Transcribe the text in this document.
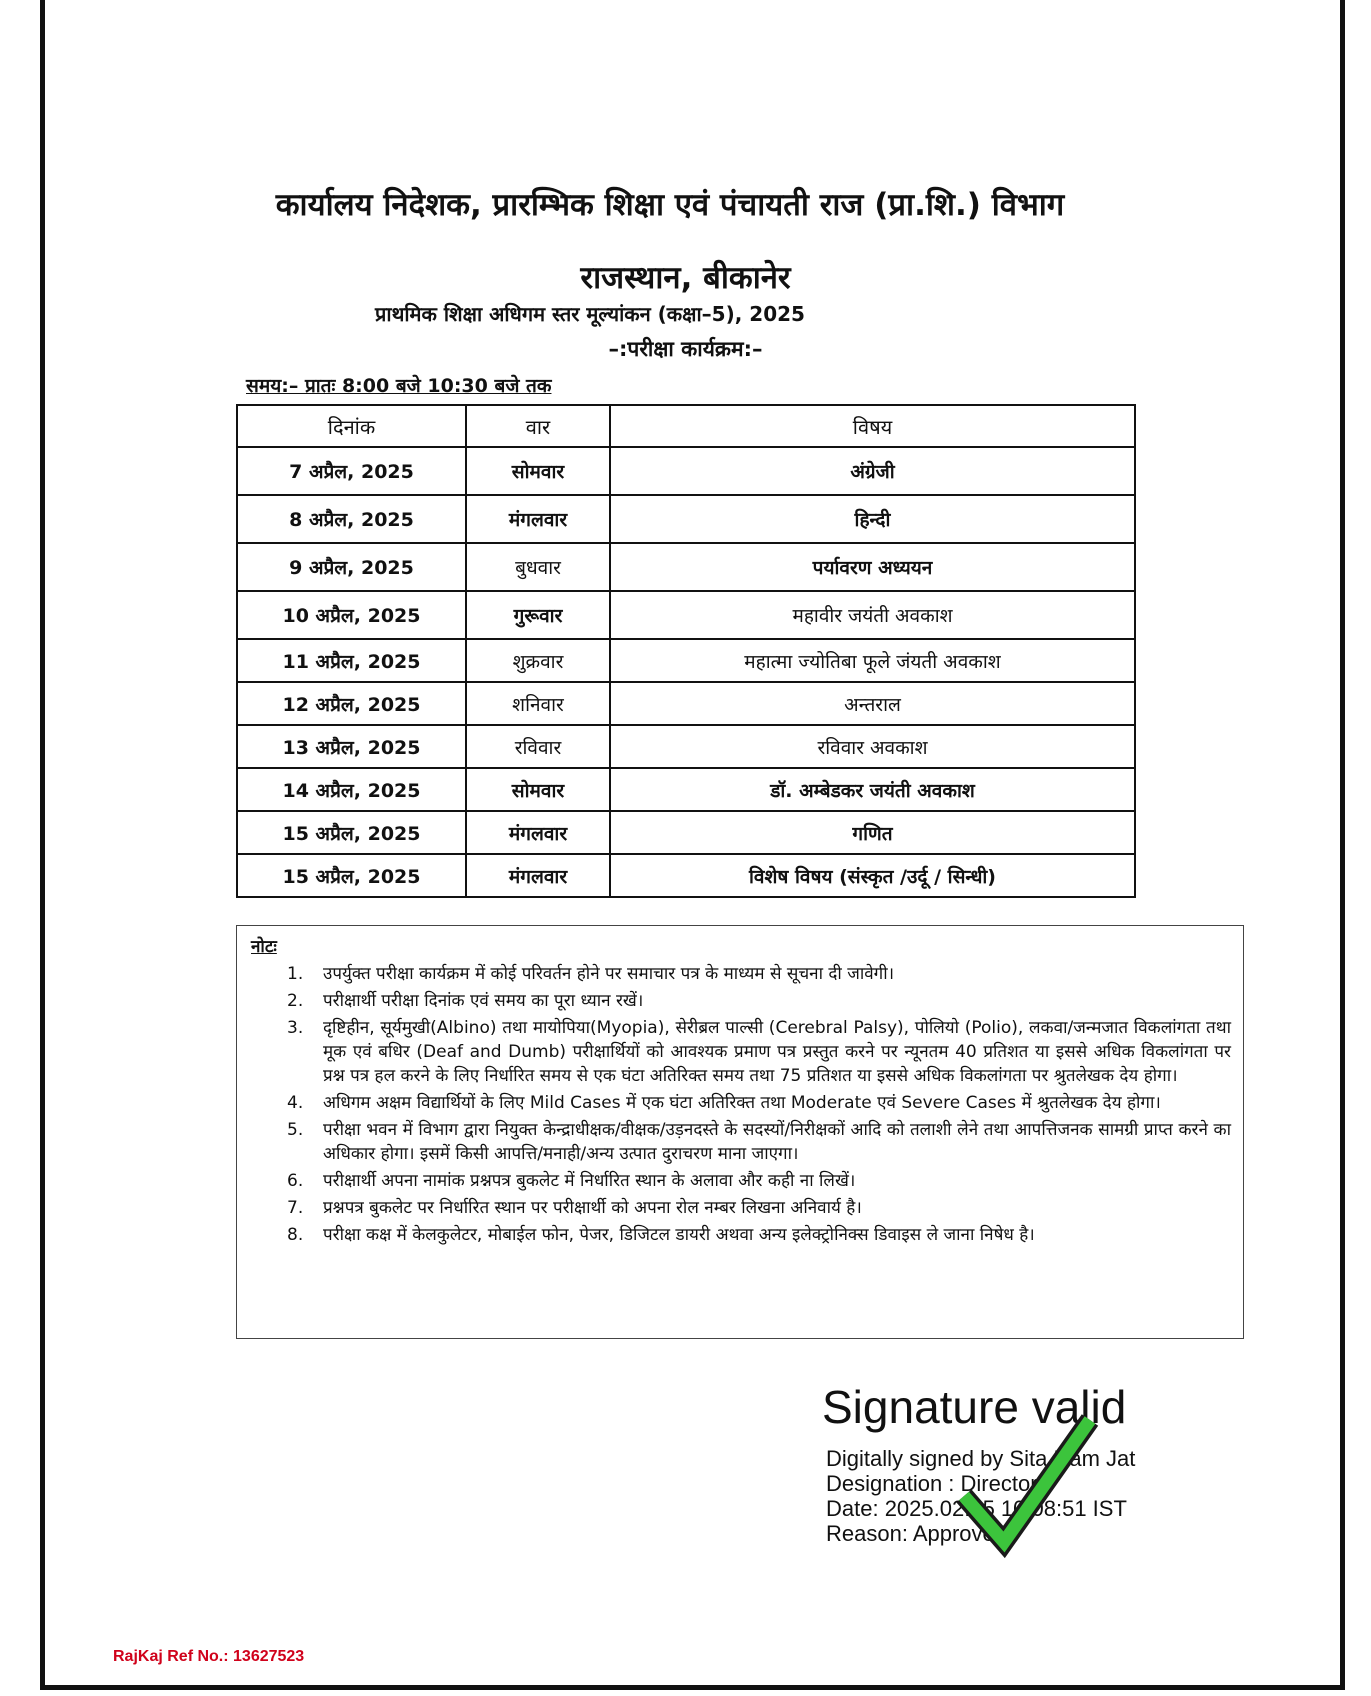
कार्यालय निदेशक, प्रारम्भिक शिक्षा एवं पंचायती राज (प्रा.शि.) विभाग
राजस्थान, बीकानेर
प्राथमिक शिक्षा अधिगम स्तर मूल्यांकन (कक्षा–5), 2025
–:परीक्षा कार्यक्रम:–
समय:– प्रातः 8:00 बजे 10:30 बजे तक
दिनांक	वार	विषय
7 अप्रैल, 2025	सोमवार	अंग्रेजी
8 अप्रैल, 2025	मंगलवार	हिन्दी
9 अप्रैल, 2025	बुधवार	पर्यावरण अध्ययन
10 अप्रैल, 2025	गुरूवार	महावीर जयंती अवकाश
11 अप्रैल, 2025	शुक्रवार	महात्मा ज्योतिबा फूले जंयती अवकाश
12 अप्रैल, 2025	शनिवार	अन्तराल
13 अप्रैल, 2025	रविवार	रविवार अवकाश
14 अप्रैल, 2025	सोमवार	डॉ. अम्बेडकर जयंती अवकाश
15 अप्रैल, 2025	मंगलवार	गणित
15 अप्रैल, 2025	मंगलवार	विशेष विषय (संस्कृत /उर्दू / सिन्धी)
नोटः
1. उपर्युक्त परीक्षा कार्यक्रम में कोई परिवर्तन होने पर समाचार पत्र के माध्यम से सूचना दी जावेगी।
2. परीक्षार्थी परीक्षा दिनांक एवं समय का पूरा ध्यान रखें।
3. दृष्टिहीन, सूर्यमुखी(Albino) तथा मायोपिया(Myopia), सेरीब्रल पाल्सी (Cerebral Palsy), पोलियो (Polio), लकवा/जन्मजात विकलांगता तथा मूक एवं बधिर (Deaf and Dumb) परीक्षार्थियों को आवश्यक प्रमाण पत्र प्रस्तुत करने पर न्यूनतम 40 प्रतिशत या इससे अधिक विकलांगता पर प्रश्न पत्र हल करने के लिए निर्धारित समय से एक घंटा अतिरिक्त समय तथा 75 प्रतिशत या इससे अधिक विकलांगता पर श्रुतलेखक देय होगा।
4. अधिगम अक्षम विद्यार्थियों के लिए Mild Cases में एक घंटा अतिरिक्त तथा Moderate एवं Severe Cases में श्रुतलेखक देय होगा।
5. परीक्षा भवन में विभाग द्वारा नियुक्त केन्द्राधीक्षक/वीक्षक/उड़नदस्ते के सदस्यों/निरीक्षकों आदि को तलाशी लेने तथा आपत्तिजनक सामग्री प्राप्त करने का अधिकार होगा। इसमें किसी आपत्ति/मनाही/अन्य उत्पात दुराचरण माना जाएगा।
6. परीक्षार्थी अपना नामांक प्रश्नपत्र बुकलेट में निर्धारित स्थान के अलावा और कही ना लिखें।
7. प्रश्नपत्र बुकलेट पर निर्धारित स्थान पर परीक्षार्थी को अपना रोल नम्बर लिखना अनिवार्य है।
8. परीक्षा कक्ष में केलकुलेटर, मोबाईल फोन, पेजर, डिजिटल डायरी अथवा अन्य इलेक्ट्रोनिक्स डिवाइस ले जाना निषेध है।
Signature valid
Digitally signed by Sita Ram Jat
Designation : Director
Date: 2025.02.15 10:08:51 IST
Reason: Approved
RajKaj Ref No.: 13627523
